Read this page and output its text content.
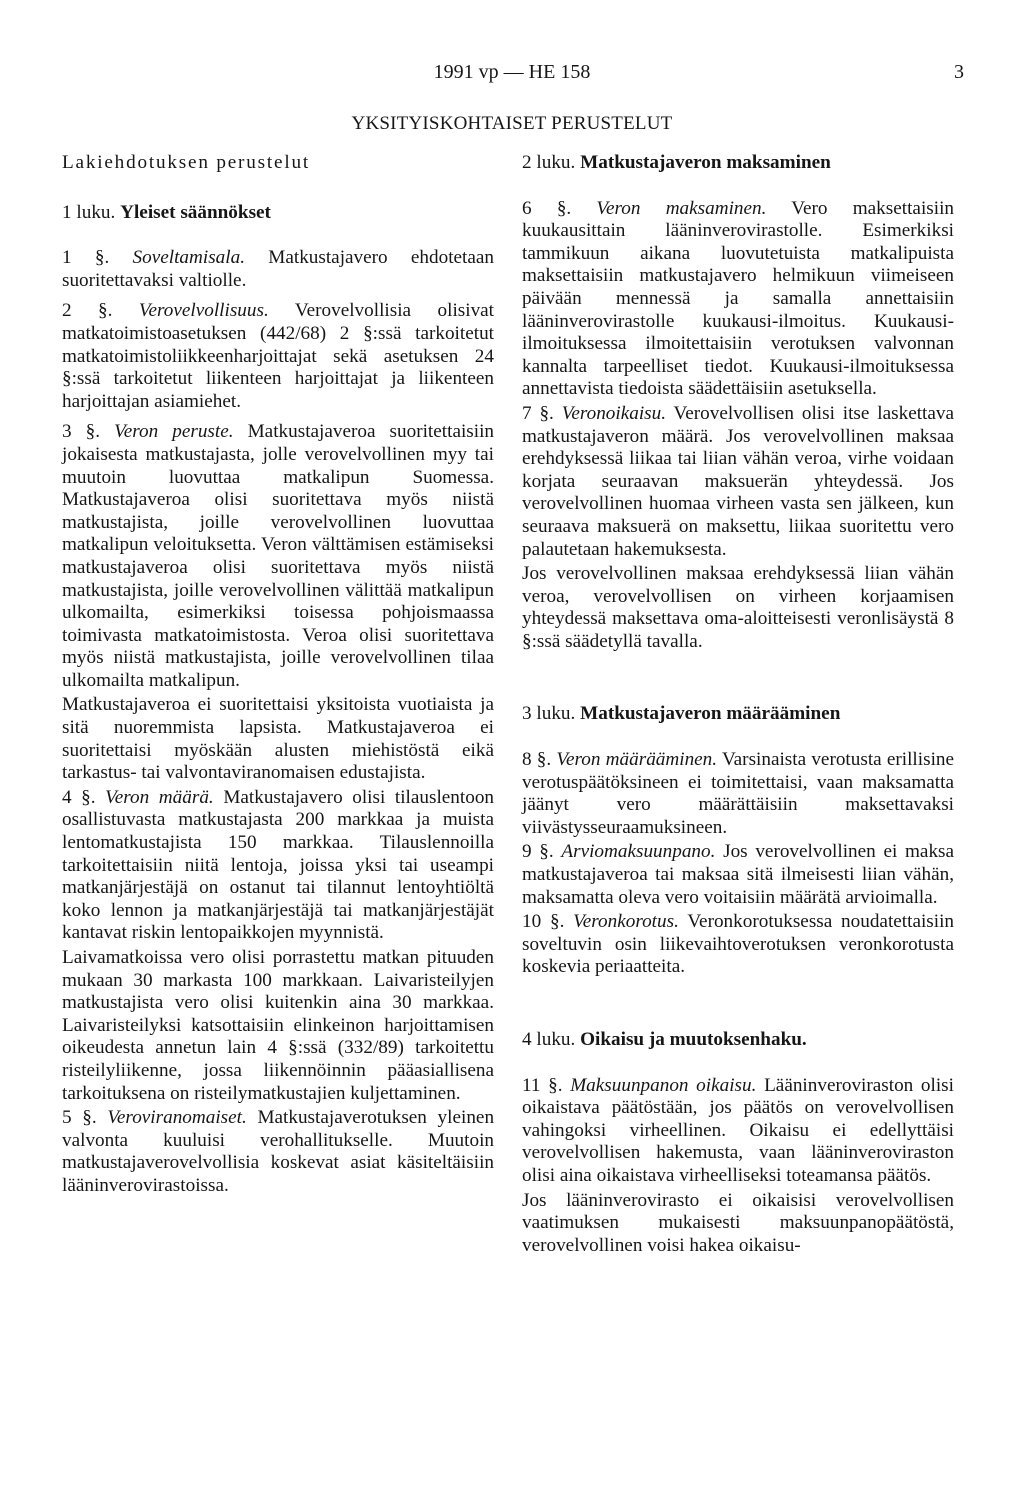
1991 vp — HE 158	3
YKSITYISKOHTAISET PERUSTELUT
Lakiehdotuksen perustelut
1 luku. Yleiset säännökset

1 §. Soveltamisala. Matkustajavero ehdotetaan suoritettavaksi valtiolle.

2 §. Verovelvollisuus. Verovelvollisia olisivat matkatoimistoasetuksen (442/68) 2 §:ssä tarkoitetut matkatoimistoliikkeenharjoittajat sekä asetuksen 24 §:ssä tarkoitetut liikenteen harjoittajat ja liikenteen harjoittajan asiamiehet.

3 §. Veron peruste. Matkustajaveroa suoritettaisiin jokaisesta matkustajasta, jolle verovelvollinen myy tai muutoin luovuttaa matkalipun Suomessa. Matkustajaveroa olisi suoritettava myös niistä matkustajista, joille verovelvollinen luovuttaa matkalipun veloituksetta. Veron välttämisen estämiseksi matkustajaveroa olisi suoritettava myös niistä matkustajista, joille verovelvollinen välittää matkalipun ulkomailta, esimerkiksi toisessa pohjoismaassa toimivasta matkatoimistosta. Veroa olisi suoritettava myös niistä matkustajista, joille verovelvollinen tilaa ulkomailta matkalipun.

Matkustajaveroa ei suoritettaisi yksitoista vuotiaista ja sitä nuoremmista lapsista. Matkustajaveroa ei suoritettaisi myöskään alusten miehistöstä eikä tarkastus- tai valvontaviranomaisen edustajista.

4 §. Veron määrä. Matkustajavero olisi tilauslentoon osallistuvasta matkustajasta 200 markkaa ja muista lentomatkustajista 150 markkaa. Tilauslennoilla tarkoitettaisiin niitä lentoja, joissa yksi tai useampi matkanjärjestäjä on ostanut tai tilannut lentoyhtiöltä koko lennon ja matkanjärjestäjä tai matkanjärjestäjät kantavat riskin lentopaikkojen myynnistä.

Laivamatkoissa vero olisi porrastettu matkan pituuden mukaan 30 markasta 100 markkaan. Laivaristeilyjen matkustajista vero olisi kuitenkin aina 30 markkaa. Laivaristeilyksi katsottaisiin elinkeinon harjoittamisen oikeudesta annetun lain 4 §:ssä (332/89) tarkoitettu risteilyliikenne, jossa liikennöinnin pääasiallisena tarkoituksena on risteilymatkustajien kuljettaminen.

5 §. Veroviranomaiset. Matkustajaverotuksen yleinen valvonta kuuluisi verohallitukselle. Muutoin matkustajaverovelvollisia koskevat asiat käsiteltäisiin lääninverovirastoissa.

2 luku. Matkustajaveron maksaminen

6 §. Veron maksaminen. Vero maksettaisiin kuukausittain lääninverovirastolle. Esimerkiksi tammikuun aikana luovutetuista matkalipuista maksettaisiin matkustajavero helmikuun viimeiseen päivään mennessä ja samalla annettaisiin lääninverovirastolle kuukausi-ilmoitus. Kuukausi-ilmoituksessa ilmoitettaisiin verotuksen valvonnan kannalta tarpeelliset tiedot. Kuukausi-ilmoituksessa annettavista tiedoista säädettäisiin asetuksella.

7 §. Veronoikaisu. Verovelvollisen olisi itse laskettava matkustajaveron määrä. Jos verovelvollinen maksaa erehdyksessä liikaa tai liian vähän veroa, virhe voidaan korjata seuraavan maksuerän yhteydessä. Jos verovelvollinen huomaa virheen vasta sen jälkeen, kun seuraava maksuerä on maksettu, liikaa suoritettu vero palautetaan hakemuksesta.

Jos verovelvollinen maksaa erehdyksessä liian vähän veroa, verovelvollisen on virheen korjaamisen yhteydessä maksettava oma-aloitteisesti veronlisäystä 8 §:ssä säädetyllä tavalla.

3 luku. Matkustajaveron määrääminen

8 §. Veron määrääminen. Varsinaista verotusta erillisine verotuspäätöksineen ei toimitettaisi, vaan maksamatta jäänyt vero määrättäisiin maksettavaksi viivästysseuraamuksineen.

9 §. Arviomaksuunpano. Jos verovelvollinen ei maksa matkustajaveroa tai maksaa sitä ilmeisesti liian vähän, maksamatta oleva vero voitaisiin määrätä arvioimalla.

10 §. Veronkorotus. Veronkorotuksessa noudatettaisiin soveltuvin osin liikevaihtoverotuksen veronkorotusta koskevia periaatteita.

4 luku. Oikaisu ja muutoksenhaku.

11 §. Maksuunpanon oikaisu. Lääninveroviraston olisi oikaistava päätöstään, jos päätös on verovelvollisen vahingoksi virheellinen. Oikaisu ei edellyttäisi verovelvollisen hakemusta, vaan lääninveroviraston olisi aina oikaistava virheelliseksi toteamansa päätös.

Jos lääninverovirasto ei oikaisisi verovelvollisen vaatimuksen mukaisesti maksuunpanopäätöstä, verovelvollinen voisi hakea oikaisu-
